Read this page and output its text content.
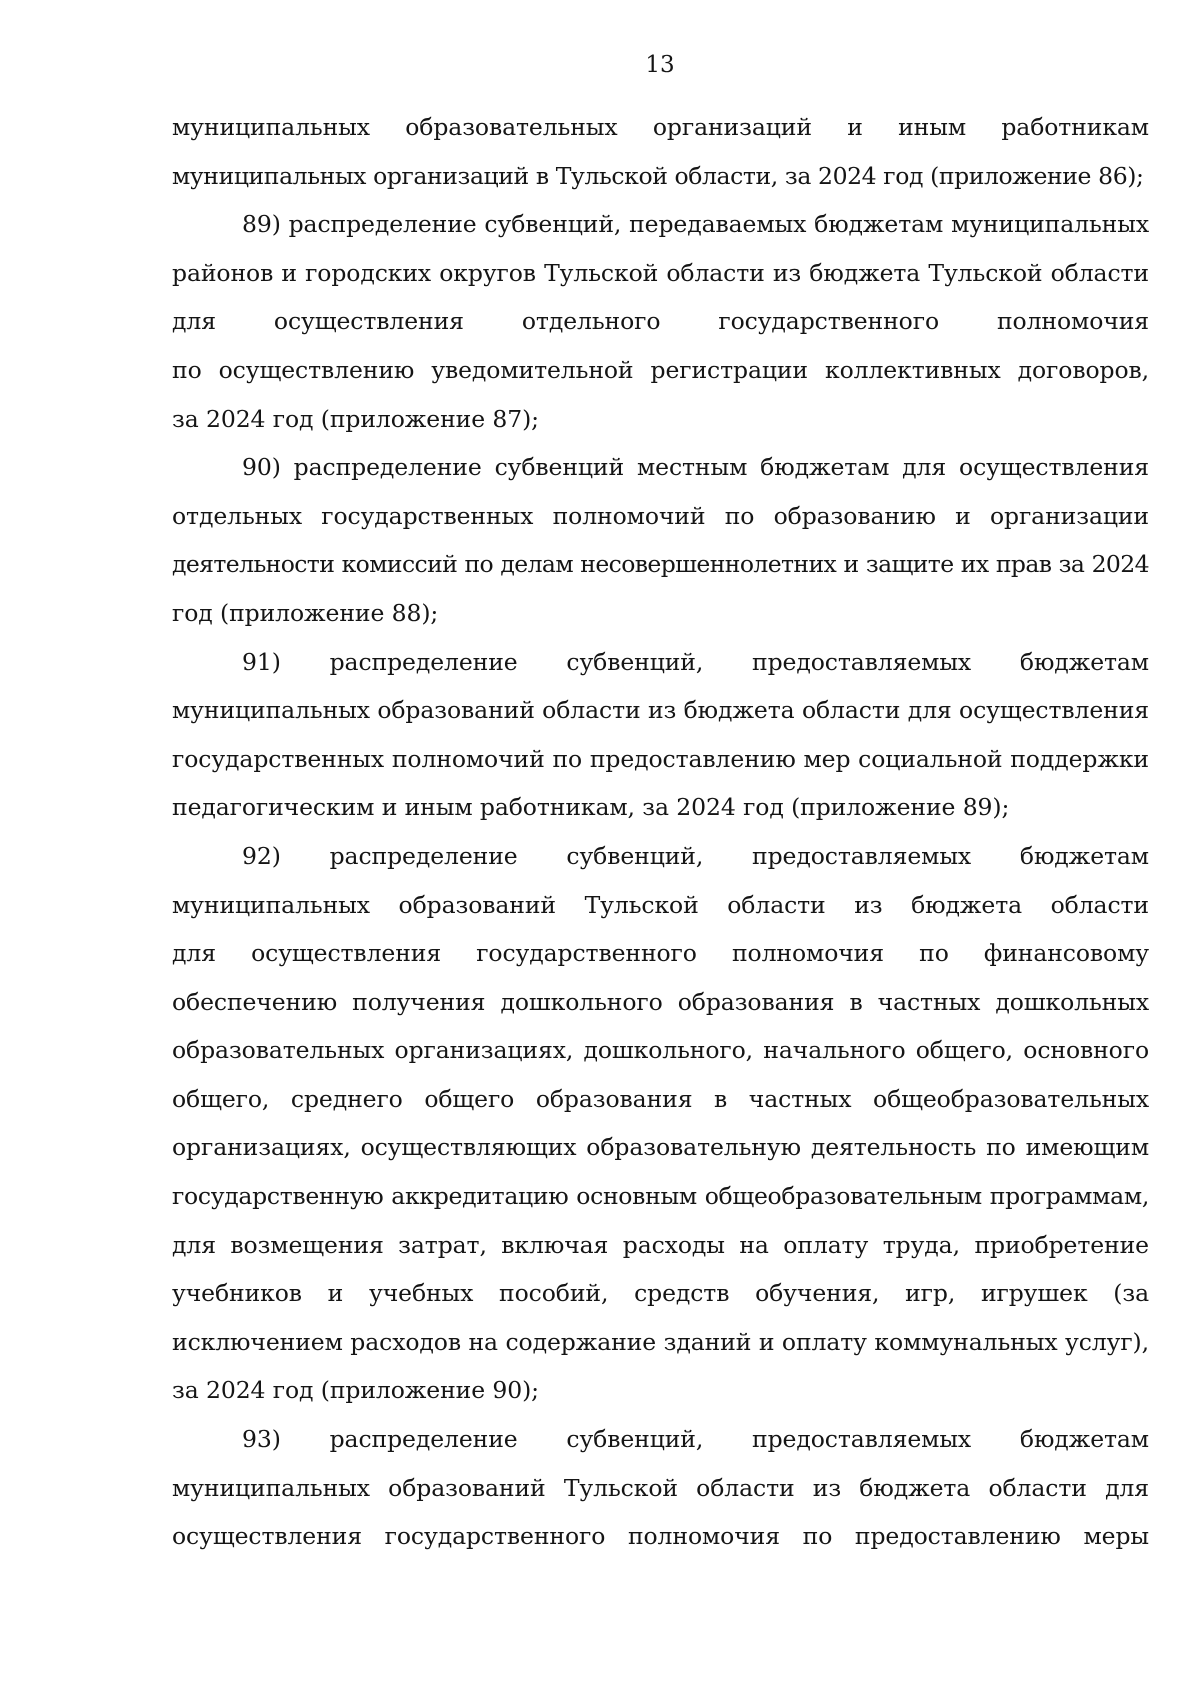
13
муниципальных образовательных организаций и иным работникам
муниципальных организаций в Тульской области, за 2024 год (приложение 86);
89) распределение субвенций, передаваемых бюджетам муниципальных
районов и городских округов Тульской области из бюджета Тульской области
для осуществления отдельного государственного полномочия
по осуществлению уведомительной регистрации коллективных договоров,
за 2024 год (приложение 87);
90) распределение субвенций местным бюджетам для осуществления
отдельных государственных полномочий по образованию и организации
деятельности комиссий по делам несовершеннолетних и защите их прав за 2024
год (приложение 88);
91) распределение субвенций, предоставляемых бюджетам
муниципальных образований области из бюджета области для осуществления
государственных полномочий по предоставлению мер социальной поддержки
педагогическим и иным работникам, за 2024 год (приложение 89);
92) распределение субвенций, предоставляемых бюджетам
муниципальных образований Тульской области из бюджета области
для осуществления государственного полномочия по финансовому
обеспечению получения дошкольного образования в частных дошкольных
образовательных организациях, дошкольного, начального общего, основного
общего, среднего общего образования в частных общеобразовательных
организациях, осуществляющих образовательную деятельность по имеющим
государственную аккредитацию основным общеобразовательным программам,
для возмещения затрат, включая расходы на оплату труда, приобретение
учебников и учебных пособий, средств обучения, игр, игрушек (за
исключением расходов на содержание зданий и оплату коммунальных услуг),
за 2024 год (приложение 90);
93) распределение субвенций, предоставляемых бюджетам
муниципальных образований Тульской области из бюджета области для
осуществления государственного полномочия по предоставлению меры
